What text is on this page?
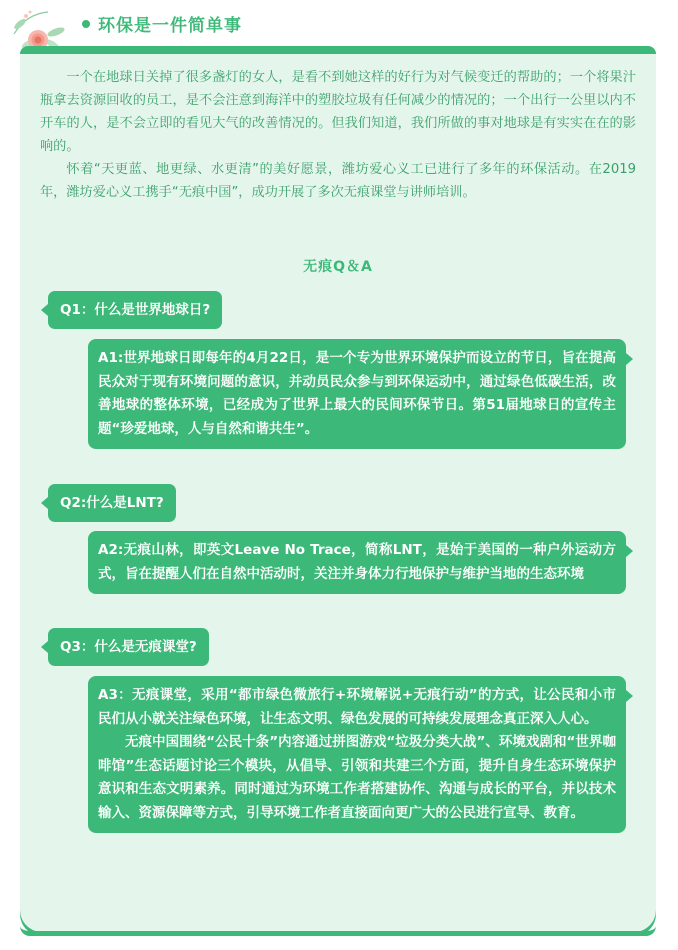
环保是一件简单事

一个在地球日关掉了很多盏灯的女人，是看不到她这样的好行为对气候变迁的帮助的；一个将果汁瓶拿去资源回收的员工，是不会注意到海洋中的塑胶垃圾有任何减少的情况的；一个出行一公里以内不开车的人，是不会立即的看见大气的改善情况的。但我们知道，我们所做的事对地球是有实实在在的影响的。

怀着“天更蓝、地更绿、水更清”的美好愿景，潍坊爱心义工已进行了多年的环保活动。在2019年，潍坊爱心义工携手“无痕中国”，成功开展了多次无痕课堂与讲师培训。

无痕Q＆A
Q1：什么是世界地球日?

A1:世界地球日即每年的4月22日，是一个专为世界环境保护而设立的节日，旨在提高民众对于现有环境问题的意识，并动员民众参与到环保运动中，通过绿色低碳生活，改善地球的整体环境，已经成为了世界上最大的民间环保节日。第51届地球日的宣传主题“珍爱地球，人与自然和谐共生”。

Q2:什么是LNT?

A2:无痕山林，即英文Leave No Trace，简称LNT，是始于美国的一种户外运动方式，旨在提醒人们在自然中活动时，关注并身体力行地保护与维护当地的生态环境

Q3：什么是无痕课堂?

A3：无痕课堂，采用“都市绿色微旅行+环境解说+无痕行动”的方式，让公民和小市民们从小就关注绿色环境，让生态文明、绿色发展的可持续发展理念真正深入人心。

无痕中国围绕“公民十条”内容通过拼图游戏“垃圾分类大战”、环境戏剧和“世界咖啡馆”生态话题讨论三个模块，从倡导、引领和共建三个方面，提升自身生态环境保护意识和生态文明素养。同时通过为环境工作者搭建协作、沟通与成长的平台，并以技术输入、资源保障等方式，引导环境工作者直接面向更广大的公民进行宣导、教育。
